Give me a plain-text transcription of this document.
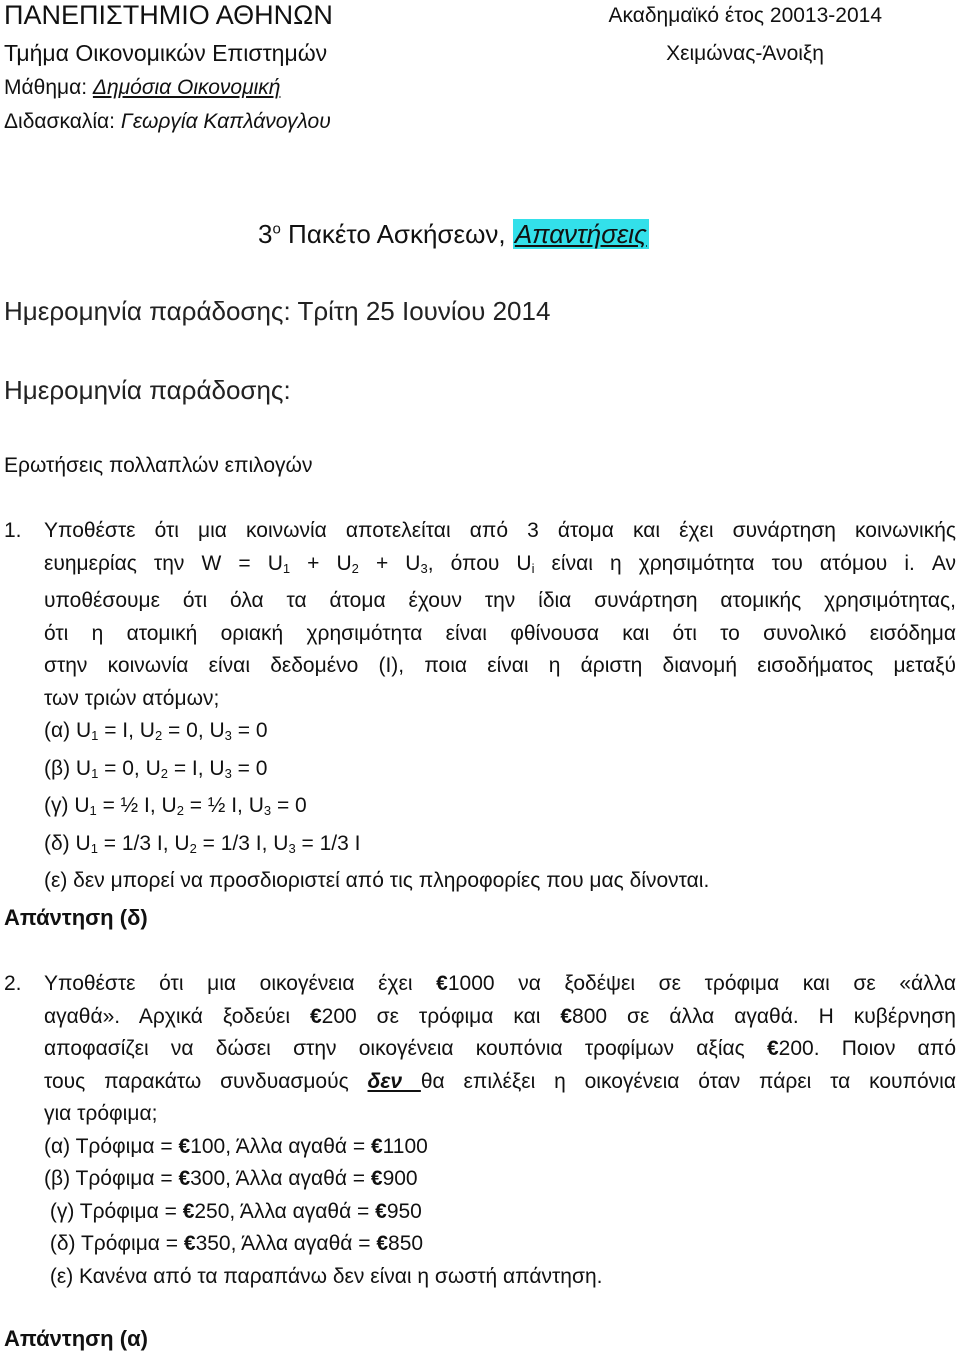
ΠΑΝΕΠΙΣΤΗΜΙΟ ΑΘΗΝΩΝ
Τμήμα Οικονομικών Επιστημών
Μάθημα: Δημόσια Οικονομική
Διδασκαλία: Γεωργία Καπλάνογλου
Ακαδημαϊκό έτος 20013-2014
Χειμώνας-Άνοιξη
$3^o$ Πακέτο Ασκήσεων, Απαντήσεις
Ημερομηνία παράδοσης: Τρίτη 25 Ιουνίου 2014
Ημερομηνία παράδοσης:
Ερωτήσεις πολλαπλών επιλογών
1. Υποθέστε ότι μια κοινωνία αποτελείται από 3 άτομα και έχει συνάρτηση κοινωνικής
ευημερίας την W = U1 + U2 + U3, όπου Ui είναι η χρησιμότητα του ατόμου i. Αν
υποθέσουμε ότι όλα τα άτομα έχουν την ίδια συνάρτηση ατομικής χρησιμότητας,
ότι η ατομική οριακή χρησιμότητα είναι φθίνουσα και ότι το συνολικό εισόδημα
στην κοινωνία είναι δεδομένο (I), ποια είναι η άριστη διανομή εισοδήματος μεταξύ
των τριών ατόμων;
(α) U1 = I, U2 = 0, U3 = 0
(β) U1 = 0, U2 = I, U3 = 0
(γ) U1 = ½ I, U2 = ½ I, U3 = 0
(δ) U1 = 1/3 I, U2 = 1/3 I, U3 = 1/3 I
(ε) δεν μπορεί να προσδιοριστεί από τις πληροφορίες που μας δίνονται.
Απάντηση (δ)
2. Υποθέστε ότι μια οικογένεια έχει €1000 να ξοδέψει σε τρόφιμα και σε «άλλα
αγαθά». Αρχικά ξοδεύει €200 σε τρόφιμα και €800 σε άλλα αγαθά. Η κυβέρνηση
αποφασίζει να δώσει στην οικογένεια κουπόνια τροφίμων αξίας €200. Ποιον από
τους παρακάτω συνδυασμούς δεν θα επιλέξει η οικογένεια όταν πάρει τα κουπόνια
για τρόφιμα;
(α) Τρόφιμα = €100, Άλλα αγαθά = €1100
(β) Τρόφιμα = €300, Άλλα αγαθά = €900
(γ) Τρόφιμα = €250, Άλλα αγαθά = €950
(δ) Τρόφιμα = €350, Άλλα αγαθά = €850
(ε) Κανένα από τα παραπάνω δεν είναι η σωστή απάντηση.
Απάντηση (α)
